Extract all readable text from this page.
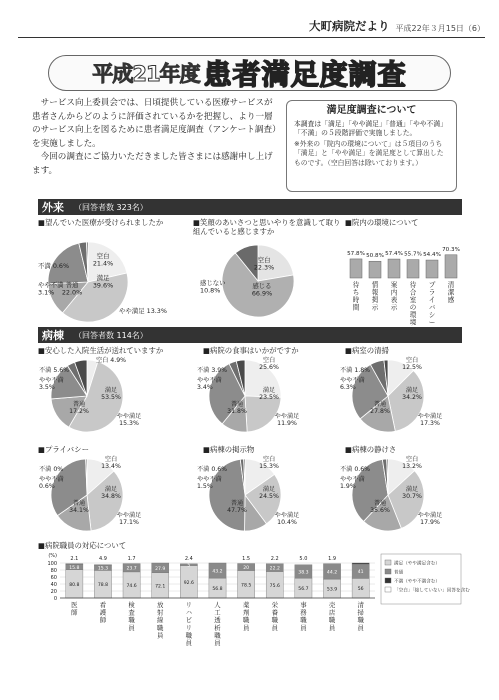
大町病院だより 平成22年３月15日（6）
平成21年度 患者満足度調査

サービス向上委員会では、日頃提供している医療サービスが患者さんからどのように評価されているかを把握し、より一層のサービス向上を図るために患者満足度調査（アンケート調査）を実施しました。

今回の調査にご協力いただきました皆さまには感謝申し上げます。

満足度調査について

本調査は「満足」「やや満足」「普通」「やや不満」「不満」の５段階評価で実施しました。

※外来の「院内の環境について」は５項目のうち「満足」と「やや満足」を満足度として算出したものです。（空白回答は除いております。）

外来 （回答者数 323名）
■望んでいた医療が受けられましたか	■笑顔のあいさつと思いやりを意識して取り組んでいると感じますか
■院内の環境について
空白
21.4%
満足
39.6%
やや満足 13.3%
普通
22.0%
やや不満
3.1%
不満 0.6%
空白
22.3%
感じる
66.9%
感じない
10.8%
57.8%
待
ち
時
間
50.8%
情
報
掲
示
57.4%
案
内
表
示
55.7%
待
合
室
の
環
境
54.4%
プ
ラ
イ
バ
シ
ー
70.3%
清
潔
感
空白 4.9%
満足
53.5%
やや満足
15.3%
普通
17.2%
やや不満
3.5%
不満 5.6%
空白
25.6%
満足
23.5%
やや満足
11.9%
普通
31.8%
やや不満
3.4%
不満 3.9%
空白
12.5%
満足
34.2%
やや満足
17.3%
普通
27.8%
やや不満
6.3%
不満 1.8%
空白
13.4%
満足
34.8%
やや満足
17.1%
普通
34.1%
やや不満
0.6%
不満 0%
空白
15.3%
満足
24.5%
やや満足
10.4%
普通
47.7%
やや不満
1.5%
不満 0.6%
空白
13.2%
満足
30.7%
やや満足
17.9%
普通
35.6%
やや不満
1.9%
不満 0.6%
100
80
60
40
20
0
(%)
80.8
15.8
2.1
医
師
78.8
15.3
4.9
看
護
師
74.6
23.7
1.7
検
査
職
員
72.1
27.9
放
射
線
職
員
92.6
5
2.4
リ
ハ
ビ
リ
職
員
56.8
43.2
人
工
透
析
職
員
78.5
20
1.5
薬
剤
職
員
75.6
22.2
2.2
栄
養
職
員
56.7
38.3
5.0
事
務
職
員
53.9
44.2
1.9
売
店
職
員
56
41
清
掃
職
員
満足（やや満足含む）
普通
不満（やや不満含む）
「空白」「接していない」回答を含む
病棟 （回答者数 114名）
■安心した入院生活が送れていますか	■病院の食事はいかがですか	■病室の清掃
■プライバシー	■病棟の掲示物	■病棟の静けさ
■病院職員の対応について
